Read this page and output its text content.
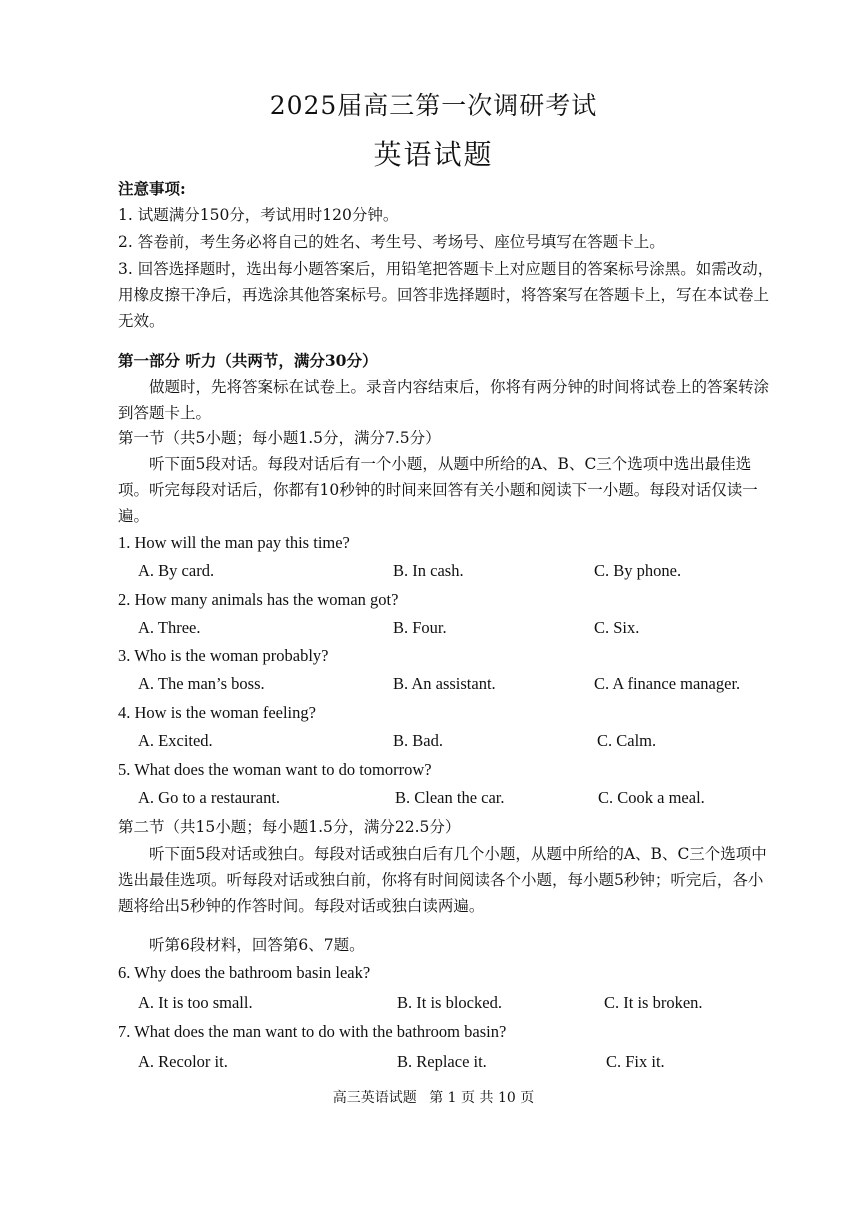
2025届高三第一次调研考试
英语试题
注意事项:
1. 试题满分150分，考试用时120分钟。
2. 答卷前，考生务必将自己的姓名、考生号、考场号、座位号填写在答题卡上。
3. 回答选择题时，选出每小题答案后，用铅笔把答题卡上对应题目的答案标号涂黑。如需改动，用橡皮擦干净后，再选涂其他答案标号。回答非选择题时，将答案写在答题卡上，写在本试卷上无效。
第一部分 听力（共两节，满分30分）
做题时，先将答案标在试卷上。录音内容结束后，你将有两分钟的时间将试卷上的答案转涂到答题卡上。
第一节（共5小题；每小题1.5分，满分7.5分）
听下面5段对话。每段对话后有一个小题，从题中所给的A、B、C三个选项中选出最佳选项。听完每段对话后，你都有10秒钟的时间来回答有关小题和阅读下一小题。每段对话仅读一遍。
1. How will the man pay this time?
A. By card.	B. In cash.	C. By phone.
2. How many animals has the woman got?
A. Three.	B. Four.	C. Six.
3. Who is the woman probably?
A. The man’s boss.	B. An assistant.	C. A finance manager.
4. How is the woman feeling?
A. Excited.	B. Bad.	C. Calm.
5. What does the woman want to do tomorrow?
A. Go to a restaurant.	B. Clean the car.	C. Cook a meal.
第二节（共15小题；每小题1.5分，满分22.5分）
听下面5段对话或独白。每段对话或独白后有几个小题，从题中所给的A、B、C三个选项中选出最佳选项。听每段对话或独白前，你将有时间阅读各个小题，每小题5秒钟；听完后，各小题将给出5秒钟的作答时间。每段对话或独白读两遍。
听第6段材料，回答第6、7题。
6. Why does the bathroom basin leak?
A. It is too small.	B. It is blocked.	C. It is broken.
7. What does the man want to do with the bathroom basin?
A. Recolor it.	B. Replace it.	C. Fix it.
高三英语试题 第 1 页 共 10 页
